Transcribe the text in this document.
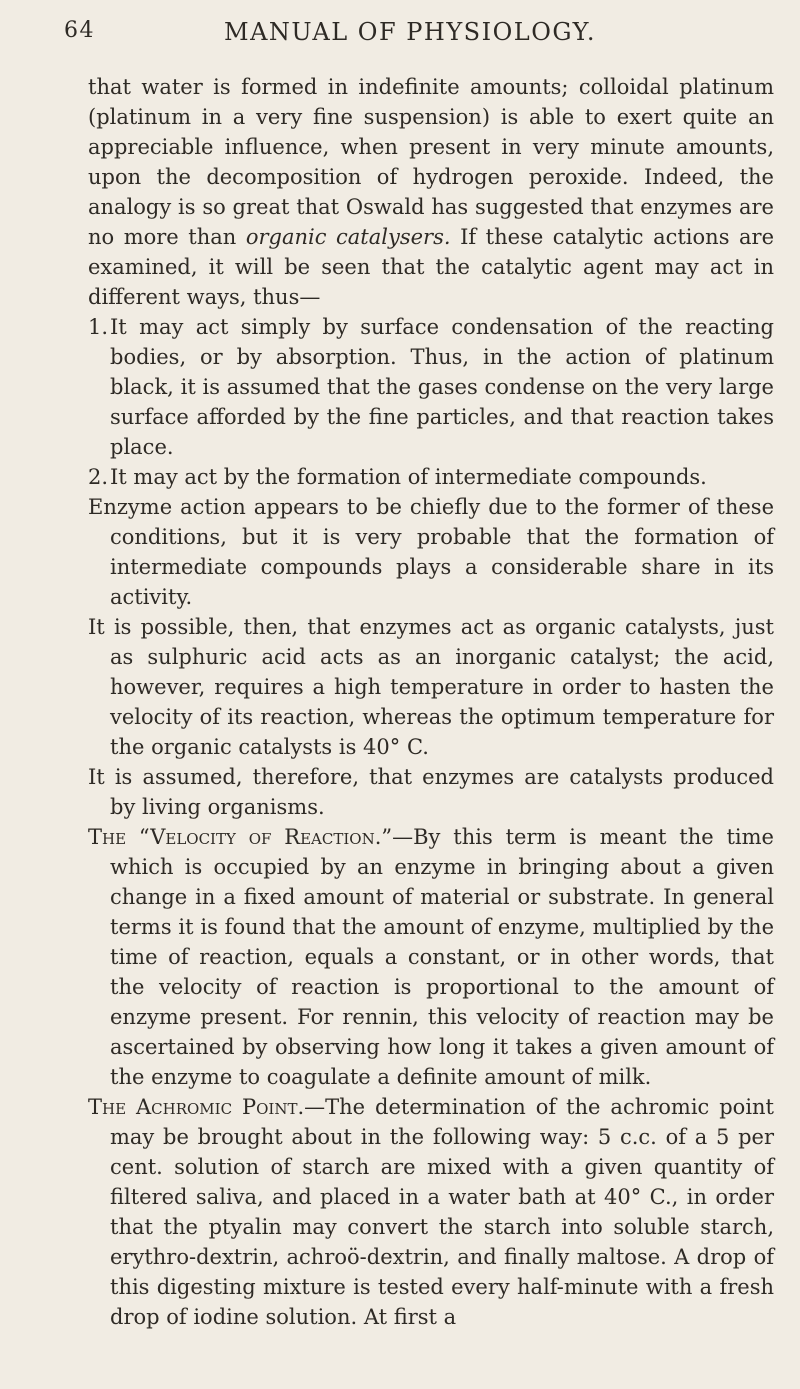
64	MANUAL OF PHYSIOLOGY.

that water is formed in indefinite amounts; colloidal platinum (platinum in a very fine suspension) is able to exert quite an appreciable influence, when present in very minute amounts, upon the decomposition of hydrogen peroxide. Indeed, the analogy is so great that Oswald has suggested that enzymes are no more than organic catalysers. If these catalytic actions are examined, it will be seen that the catalytic agent may act in different ways, thus—

1.It may act simply by surface condensation of the reacting bodies, or by absorption. Thus, in the action of platinum black, it is assumed that the gases condense on the very large surface afforded by the fine particles, and that reaction takes place.

2.It may act by the formation of intermediate compounds.

Enzyme action appears to be chiefly due to the former of these conditions, but it is very probable that the formation of intermediate compounds plays a considerable share in its activity.

It is possible, then, that enzymes act as organic catalysts, just as sulphuric acid acts as an inorganic catalyst; the acid, however, requires a high temperature in order to hasten the velocity of its reaction, whereas the optimum temperature for the organic catalysts is 40° C.

It is assumed, therefore, that enzymes are catalysts produced by living organisms.

The “Velocity of Reaction.”—By this term is meant the time which is occupied by an enzyme in bringing about a given change in a fixed amount of material or substrate. In general terms it is found that the amount of enzyme, multiplied by the time of reaction, equals a constant, or in other words, that the velocity of reaction is proportional to the amount of enzyme present. For rennin, this velocity of reaction may be ascertained by observing how long it takes a given amount of the enzyme to coagulate a definite amount of milk.

The Achromic Point.—The determination of the achromic point may be brought about in the following way: 5 c.c. of a 5 per cent. solution of starch are mixed with a given quantity of filtered saliva, and placed in a water bath at 40° C., in order that the ptyalin may convert the starch into soluble starch, erythro-dextrin, achroö-dextrin, and finally maltose. A drop of this digesting mixture is tested every half-minute with a fresh drop of iodine solution. At first a
